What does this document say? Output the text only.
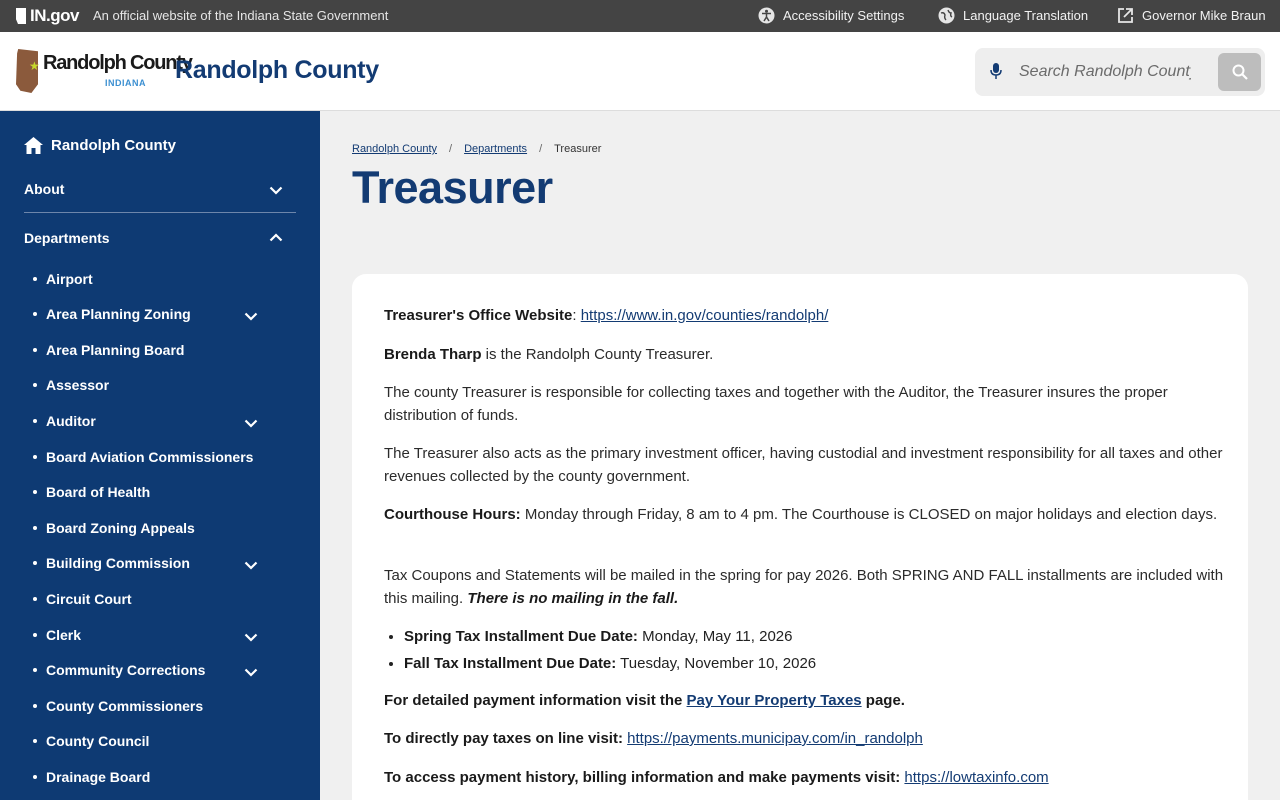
IN.gov An official website of the Indiana State Government	Accessibility Settings	Language Translation	Governor Mike Braun
★ Randolph County
INDIANA Randolph County
Search Randolph County
Randolph County
About
Departments
Airport
Area Planning Zoning
Area Planning Board
Assessor
Auditor
Board Aviation Commissioners
Board of Health
Board Zoning Appeals
Building Commission
Circuit Court
Clerk
Community Corrections
County Commissioners
County Council
Drainage Board
Randolph County / Departments / Treasurer
Treasurer
Treasurer's Office Website: https://www.in.gov/counties/randolph/
Brenda Tharp is the Randolph County Treasurer.
The county Treasurer is responsible for collecting taxes and together with the Auditor, the Treasurer insures the proper distribution of funds.
The Treasurer also acts as the primary investment officer, having custodial and investment responsibility for all taxes and other revenues collected by the county government.
Courthouse Hours: Monday through Friday, 8 am to 4 pm. The Courthouse is CLOSED on major holidays and election days.
Tax Coupons and Statements will be mailed in the spring for pay 2026. Both SPRING AND FALL installments are included with this mailing. There is no mailing in the fall.
• Spring Tax Installment Due Date: Monday, May 11, 2026
• Fall Tax Installment Due Date: Tuesday, November 10, 2026
For detailed payment information visit the Pay Your Property Taxes page.
To directly pay taxes on line visit: https://payments.municipay.com/in_randolph
To access payment history, billing information and make payments visit: https://lowtaxinfo.com
